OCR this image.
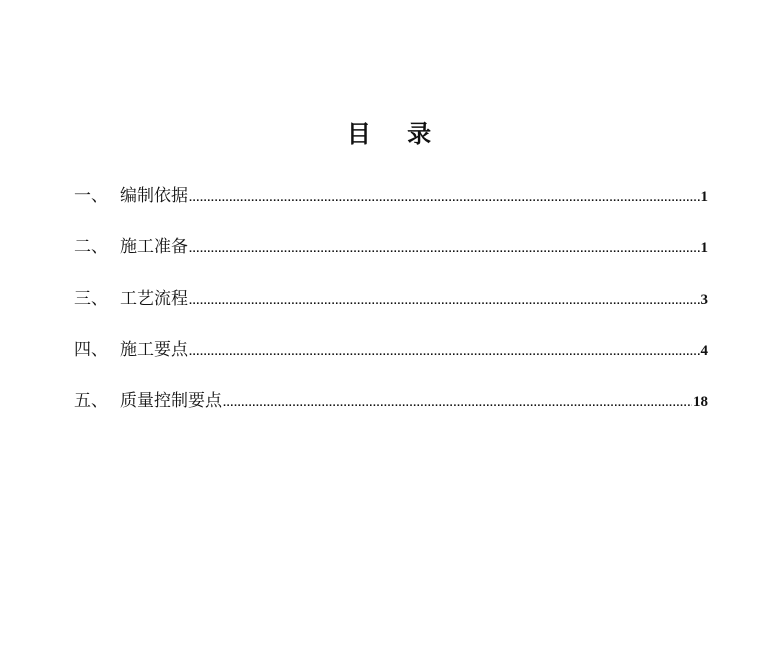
目 录
一、 编制依据 .....	1
二、 施工准备 .....	1
三、 工艺流程 .....	3
四、 施工要点 .....	4
五、 质量控制要点 .....	18
